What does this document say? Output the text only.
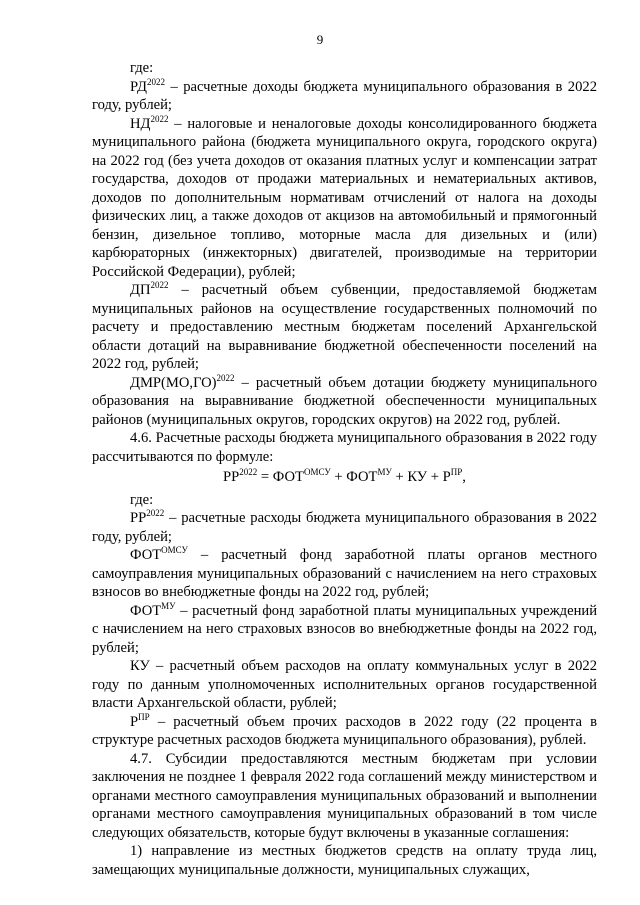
9

где:

$РД^{2022}$ – расчетные доходы бюджета муниципального образования в 2022 году, рублей;

$НД^{2022}$ – налоговые и неналоговые доходы консолидированного бюджета муниципального района (бюджета муниципального округа, городского округа) на 2022 год (без учета доходов от оказания платных услуг и компенсации затрат государства, доходов от продажи материальных и нематериальных активов, доходов по дополнительным нормативам отчислений от налога на доходы физических лиц, а также доходов от акцизов на автомобильный и прямогонный бензин, дизельное топливо, моторные масла для дизельных и (или) карбюраторных (инжекторных) двигателей, производимые на территории Российской Федерации), рублей;

$ДП^{2022}$ – расчетный объем субвенции, предоставляемой бюджетам муниципальных районов на осуществление государственных полномочий по расчету и предоставлению местным бюджетам поселений Архангельской области дотаций на выравнивание бюджетной обеспеченности поселений на 2022 год, рублей;

$ДМР(МО,ГО)^{2022}$ – расчетный объем дотации бюджету муниципального образования на выравнивание бюджетной обеспеченности муниципальных районов (муниципальных округов, городских округов) на 2022 год, рублей.

4.6. Расчетные расходы бюджета муниципального образования в 2022 году рассчитываются по формуле:

$РР^{2022} = ФОТ^{ОМСУ} + ФОТ^{МУ}$ + КУ + $Р^{ПР}$,

где:

$РР^{2022}$ – расчетные расходы бюджета муниципального образования в 2022 году, рублей;

$ФОТ^{ОМСУ}$ – расчетный фонд заработной платы органов местного самоуправления муниципальных образований с начислением на него страховых взносов во внебюджетные фонды на 2022 год, рублей;

$ФОТ^{МУ}$ – расчетный фонд заработной платы муниципальных учреждений с начислением на него страховых взносов во внебюджетные фонды на 2022 год, рублей;

КУ – расчетный объем расходов на оплату коммунальных услуг в 2022 году по данным уполномоченных исполнительных органов государственной власти Архангельской области, рублей;

$Р^{ПР}$ – расчетный объем прочих расходов в 2022 году (22 процента в структуре расчетных расходов бюджета муниципального образования), рублей.

4.7. Субсидии предоставляются местным бюджетам при условии заключения не позднее 1 февраля 2022 года соглашений между министерством и органами местного самоуправления муниципальных образований и выполнении органами местного самоуправления муниципальных образований в том числе следующих обязательств, которые будут включены в указанные соглашения:

1) направление из местных бюджетов средств на оплату труда лиц, замещающих муниципальные должности, муниципальных служащих,
